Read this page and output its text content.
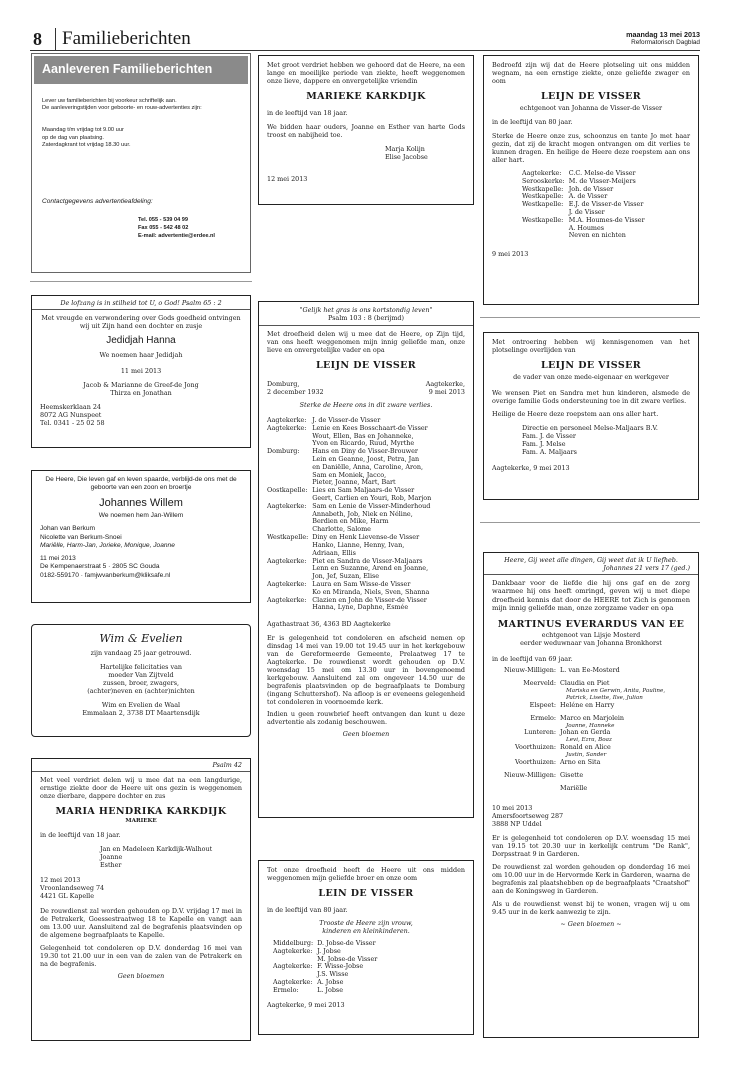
8 Familieberichten	maandag 13 mei 2013
Reformatorisch Dagblad
Aanleveren Familieberichten
Lever uw familieberichten bij voorkeur schriftelijk aan.
De aanleveringstijden voor geboorte- en rouw-advertenties zijn:
Maandag t/m vrijdag tot 9.00 uur
op de dag van plaatsing.
Zaterdagkrant tot vrijdag 18.30 uur.
Contactgegevens advertentieafdeling:
Tel. 055 - 539 04 99
Fax 055 - 542 48 02
E-mail: advertentie@erdee.nl
De lofzang is in stilheid tot U, o God! Psalm 65 : 2

Met vreugde en verwondering over Gods goedheid ontvingen wij uit Zijn hand een dochter en zusje

Jedidjah Hanna

We noemen haar Jedidjah

11 mei 2013

Jacob & Marianne de Greef-de Jong
Thirza en Jonathan
Heemskerklaan 24
8072 AG Nunspeet
Tel. 0341 - 25 02 58

De Heere, Die leven gaf en leven spaarde, verblijd-de ons met de geboorte van een zoon en broertje

Johannes Willem

We noemen hem Jan-Willem

Johan van Berkum
Nicolette van Berkum-Snoei
Mariëlle, Harm-Jan, Jorieke, Monique, Joanne
11 mei 2013
De Kempenaerstraat 5 · 2805 SC Gouda
0182-559170 · famjwvanberkum@kliksafe.nl
Wim & Evelien
zijn vandaag 25 jaar getrouwd.
Hartelijke felicitaties van
moeder Van Zijtveld
zussen, broer, zwagers,
(achter)neven en (achter)nichten
Wim en Evelien de Waal
Emmalaan 2, 3738 DT Maartensdijk
Psalm 42

Met veel verdriet delen wij u mee dat na een langdurige, ernstige ziekte door de Heere uit ons gezin is weggenomen onze dierbare, dappere dochter en zus

MARIA HENDRIKA KARKDIJK
MARIEKE

in de leeftijd van 18 jaar.

Jan en Madeleen Karkdijk-Walhout
Joanne
Esther
12 mei 2013
Vroonlandseweg 74
4421 GL Kapelle

De rouwdienst zal worden gehouden op D.V. vrijdag 17 mei in de Petrakerk, Goessestraatweg 18 te Kapelle en vangt aan om 13.00 uur. Aansluitend zal de begrafenis plaatsvinden op de algemene begraafplaats te Kapelle.

Gelegenheid tot condoleren op D.V. donderdag 16 mei van 19.30 tot 21.00 uur in een van de zalen van de Petrakerk en na de begrafenis.

Geen bloemen

Met groot verdriet hebben we gehoord dat de Heere, na een lange en moeilijke periode van ziekte, heeft weggenomen onze lieve, dappere en onvergetelijke vriendin

MARIEKE KARKDIJK

in de leeftijd van 18 jaar.

We bidden haar ouders, Joanne en Esther van harte Gods troost en nabijheid toe.

Marja Kolijn
Elise Jacobse
12 mei 2013
"Gelijk het gras is ons kortstondig leven"
Psalm 103 : 8 (berijmd)

Met droefheid delen wij u mee dat de Heere, op Zijn tijd, van ons heeft weggenomen mijn innig geliefde man, onze lieve en onvergetelijke vader en opa

LEIJN DE VISSER
Domburg,
2 december 1932
Aagtekerke,
9 mei 2013

Sterke de Heere ons in dit zware verlies.

Aagtekerke:	J. de Visser-de Visser

Aagtekerke:	Lenie en Kees Bosschaart-de Visser

	Wout, Ellen, Bas en Johanneke,

	Yvon en Ricardo, Ruud, Myrthe

Domburg:	Hans en Diny de Visser-Brouwer

	Lein en Geanne, Joost, Petra, Jan

	en Daniëlle, Anna, Caroline, Aron,

	Sam en Moniek, Jacco,

	Pieter, Joanne, Mart, Bart

Oostkapelle:	Lies en Sam Maljaars-de Visser

	Geert, Carlien en Youri, Rob, Marjon

Aagtekerke:	Sam en Lenie de Visser-Minderhoud

	Annabeth, Job, Niek en Néline,

	Berdien en Mike, Harm

	Charlotte, Salome

Westkapelle:	Diny en Henk Lievense-de Visser

	Hanko, Lianne, Henny, Ivan,

	Adriaan, Ellis

Aagtekerke:	Piet en Sandra de Visser-Maljaars

	Lenn en Suzanne, Arend en Joanne,

	Jon, Jef, Suzan, Elise

Aagtekerke:	Laura en Sam Wisse-de Visser

	Ko en Miranda, Niels, Sven, Shanna

Aagtekerke:	Clazien en John de Visser-de Visser

	Hanna, Lyne, Daphne, Esmée

Agathastraat 36, 4363 BD Aagtekerke

Er is gelegenheid tot condoleren en afscheid nemen op dinsdag 14 mei van 19.00 tot 19.45 uur in het kerkgebouw van de Gereformeerde Gemeente, Prelaatweg 17 te Aagtekerke. De rouwdienst wordt gehouden op D.V. woensdag 15 mei om 13.30 uur in bovengenoemd kerkgebouw. Aansluitend zal om ongeveer 14.50 uur de begrafenis plaatsvinden op de begraafplaats te Domburg (ingang Schuttershof). Na afloop is er eveneens gelegenheid tot condoleren in voornoemde kerk.

Indien u geen rouwbrief heeft ontvangen dan kunt u deze advertentie als zodanig beschouwen.

Geen bloemen

Tot onze droefheid heeft de Heere uit ons midden weggenomen mijn geliefde broer en onze oom

LEIN DE VISSER

in de leeftijd van 80 jaar.

Trooste de Heere zijn vrouw,
kinderen en kleinkinderen.
Middelburg:	D. Jobse-de Visser

Aagtekerke:	J. Jobse

	M. Jobse-de Visser

Aagtekerke:	F. Wisse-Jobse

	J.S. Wisse

Aagtekerke:	A. Jobse

Ermelo:	L. Jobse
Aagtekerke, 9 mei 2013

Bedroefd zijn wij dat de Heere plotseling uit ons midden wegnam, na een ernstige ziekte, onze geliefde zwager en oom

LEIJN DE VISSER
echtgenoot van Johanna de Visser-de Visser

in de leeftijd van 80 jaar.

Sterke de Heere onze zus, schoonzus en tante Jo met haar gezin, dat zij de kracht mogen ontvangen om dit verlies te kunnen dragen. En heilige de Heere deze roepstem aan ons aller hart.

Aagtekerke:	C.C. Melse-de Visser

Serooskerke:	M. de Visser-Meijers

Westkapelle:	Joh. de Visser

Westkapelle:	A. de Visser

Westkapelle:	E.J. de Visser-de Visser

	J. de Visser

Westkapelle:	M.A. Houmes-de Visser

	A. Houmes

	Neven en nichten
9 mei 2013

Met ontroering hebben wij kennisgenomen van het plotselinge overlijden van

LEIJN DE VISSER
de vader van onze mede-eigenaar en werkgever

We wensen Piet en Sandra met hun kinderen, alsmede de overige familie Gods ondersteuning toe in dit zware verlies.

Heilige de Heere deze roepstem aan ons aller hart.

Directie en personeel Melse-Maljaars B.V.
Fam. J. de Visser
Fam. J. Melse
Fam. A. Maljaars
Aagtekerke, 9 mei 2013
Heere, Gij weet alle dingen, Gij weet dat ik U liefheb.
Johannes 21 vers 17 (ged.)

Dankbaar voor de liefde die hij ons gaf en de zorg waarmee hij ons heeft omringd, geven wij u met diepe droefheid kennis dat door de HEERE tot Zich is genomen mijn innig geliefde man, onze zorgzame vader en opa

MARTINUS EVERARDUS VAN EE
echtgenoot van Lijsje Mosterd
eerder weduwnaar van Johanna Bronkhorst

in de leeftijd van 69 jaar.

Nieuw-Milligen:	L. van Ee-Mosterd

Meerveld:	Claudia en Piet
Mariska en Gerwin, Anita, Pauline, Patrick, Lisette, Ilse, Julian

Elspeet:	Heléne en Harry

Ermelo:	Marco en Marjolein
Joanne, Hanneke

Lunteren:	Johan en Gerda
Levi, Ezra, Boaz

Voorthuizen:	Ronald en Alice
Justin, Sander

Voorthuizen:	Arno en Sita

Nieuw-Milligen:	Gisette

	Mariëlle
10 mei 2013
Amersfoortseweg 287
3888 NP Uddel

Er is gelegenheid tot condoleren op D.V. woensdag 15 mei van 19.15 tot 20.30 uur in kerkelijk centrum "De Rank", Dorpsstraat 9 in Garderen.

De rouwdienst zal worden gehouden op donderdag 16 mei om 10.00 uur in de Hervormde Kerk in Garderen, waarna de begrafenis zal plaatshebben op de begraafplaats "Craatshof" aan de Koningsweg in Garderen.

Als u de rouwdienst wenst bij te wonen, vragen wij u om 9.45 uur in de kerk aanwezig te zijn.

~ Geen bloemen ~
